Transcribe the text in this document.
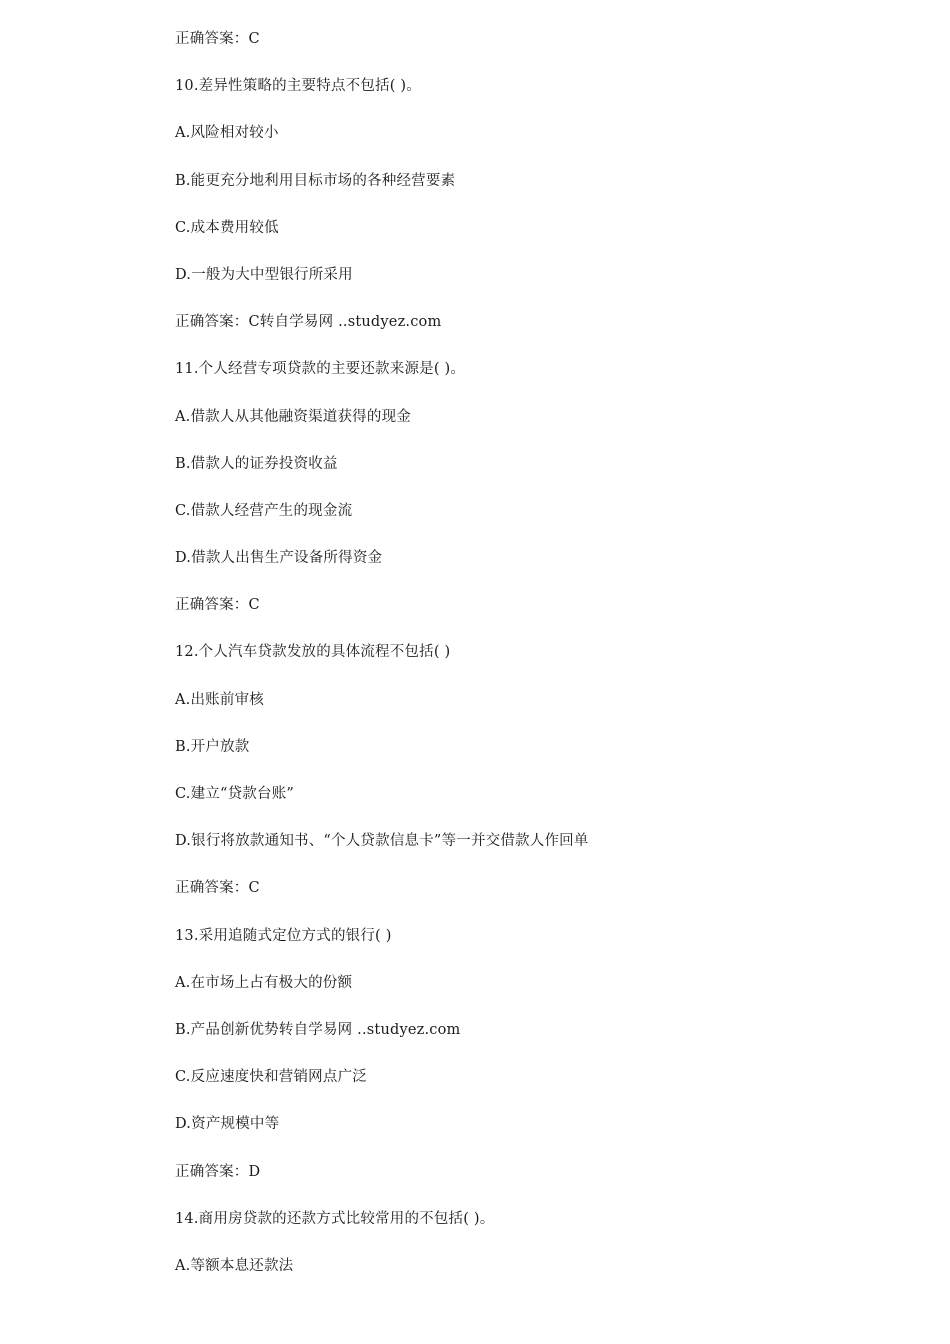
正确答案：C
10.差异性策略的主要特点不包括( )。
A.风险相对较小
B.能更充分地利用目标市场的各种经营要素
C.成本费用较低
D.一般为大中型银行所采用
正确答案：C转自学易网 ..studyez.com
11.个人经营专项贷款的主要还款来源是( )。
A.借款人从其他融资渠道获得的现金
B.借款人的证券投资收益
C.借款人经营产生的现金流
D.借款人出售生产设备所得资金
正确答案：C
12.个人汽车贷款发放的具体流程不包括( )
A.出账前审核
B.开户放款
C.建立“贷款台账”
D.银行将放款通知书、“个人贷款信息卡”等一并交借款人作回单
正确答案：C
13.采用追随式定位方式的银行( )
A.在市场上占有极大的份额
B.产品创新优势转自学易网 ..studyez.com
C.反应速度快和营销网点广泛
D.资产规模中等
正确答案：D
14.商用房贷款的还款方式比较常用的不包括( )。
A.等额本息还款法
